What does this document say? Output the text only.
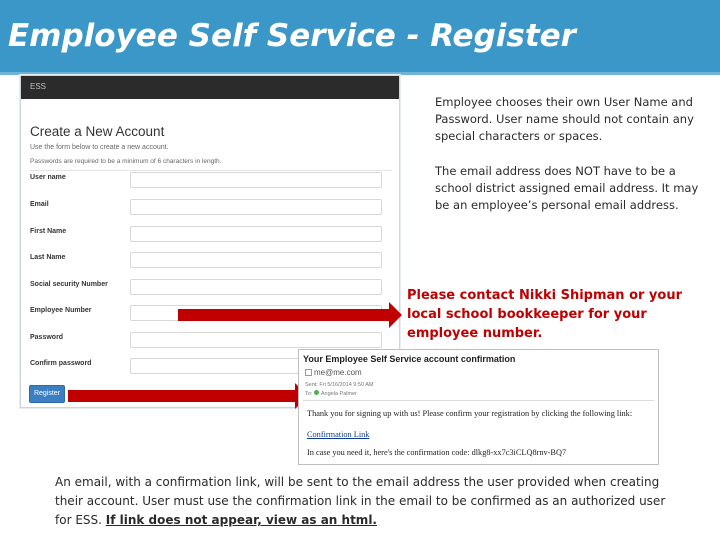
Employee Self Service - Register
ESS
Create a New Account
Use the form below to create a new account.
Passwords are required to be a minimum of 6 characters in length.
User name
Email
First Name
Last Name
Social security Number
Employee Number
Password
Confirm password
Register
Employee chooses their own User Name and Password. User name should not contain any special characters or spaces.
The email address does NOT have to be a school district assigned email address. It may be an employee’s personal email address.
Please contact Nikki Shipman or your local school bookkeeper for your employee number.
Your Employee Self Service account confirmation
me@me.com
Sent: Fri 5/16/2014 9:50 AM
To: Angela Palmer
Thank you for signing up with us! Please confirm your registration by clicking the following link:
Confirmation Link
In case you need it, here's the confirmation code: dlkg8-xx7c3iCLQ8rnv-BQ7
An email, with a confirmation link, will be sent to the email address the user provided when creating their account. User must use the confirmation link in the email to be confirmed as an authorized user for ESS. If link does not appear, view as an html.
